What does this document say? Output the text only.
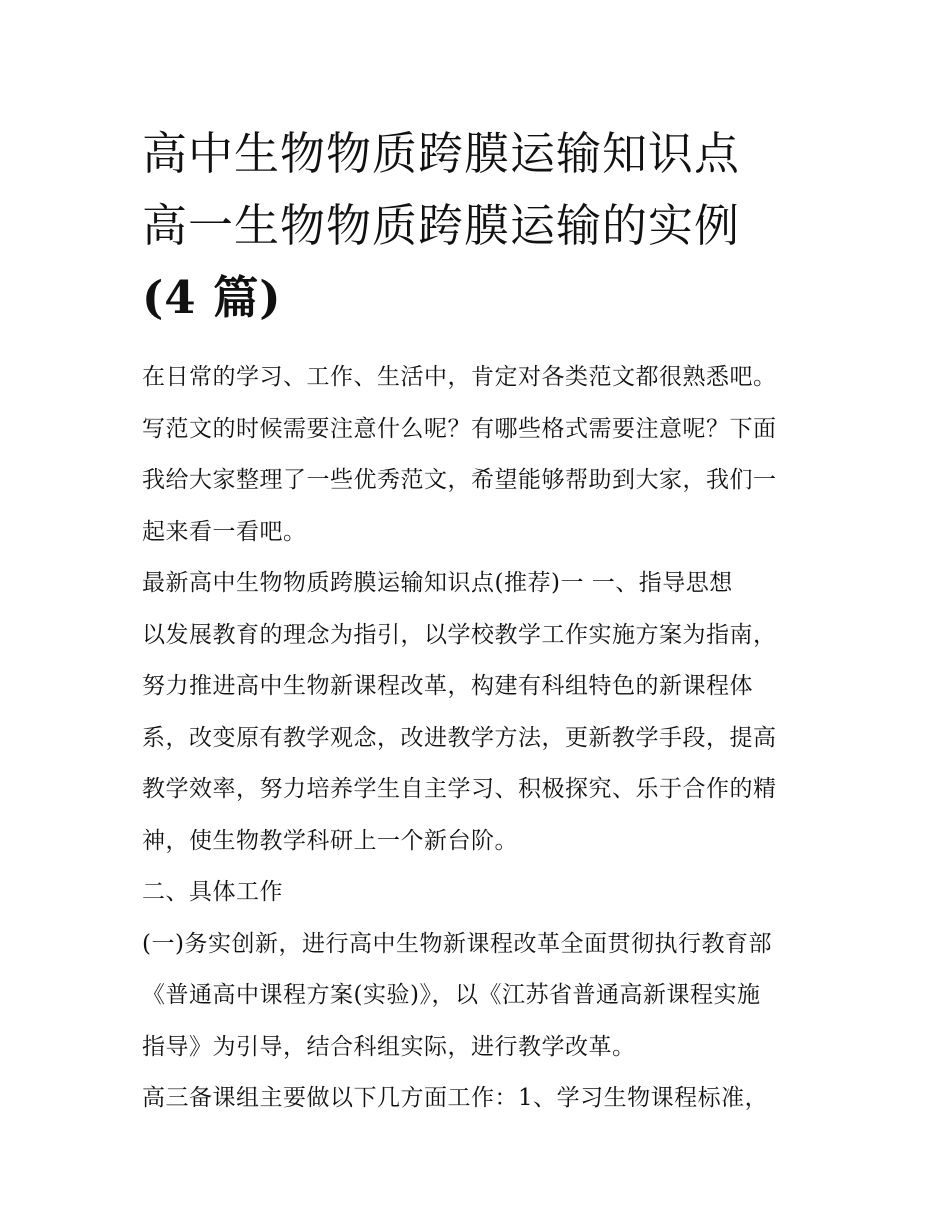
高中生物物质跨膜运输知识点
高一生物物质跨膜运输的实例
(4 篇)

在日常的学习、工作、生活中，肯定对各类范文都很熟悉吧。

写范文的时候需要注意什么呢？有哪些格式需要注意呢？下面

我给大家整理了一些优秀范文，希望能够帮助到大家，我们一

起来看一看吧。

最新高中生物物质跨膜运输知识点(推荐)一 一、指导思想

以发展教育的理念为指引，以学校教学工作实施方案为指南，

努力推进高中生物新课程改革，构建有科组特色的新课程体

系，改变原有教学观念，改进教学方法，更新教学手段，提高

教学效率，努力培养学生自主学习、积极探究、乐于合作的精

神，使生物教学科研上一个新台阶。

二、具体工作

(一)务实创新，进行高中生物新课程改革全面贯彻执行教育部

《普通高中课程方案(实验)》，以《江苏省普通高新课程实施

指导》为引导，结合科组实际，进行教学改革。

高三备课组主要做以下几方面工作：1、学习生物课程标准，
